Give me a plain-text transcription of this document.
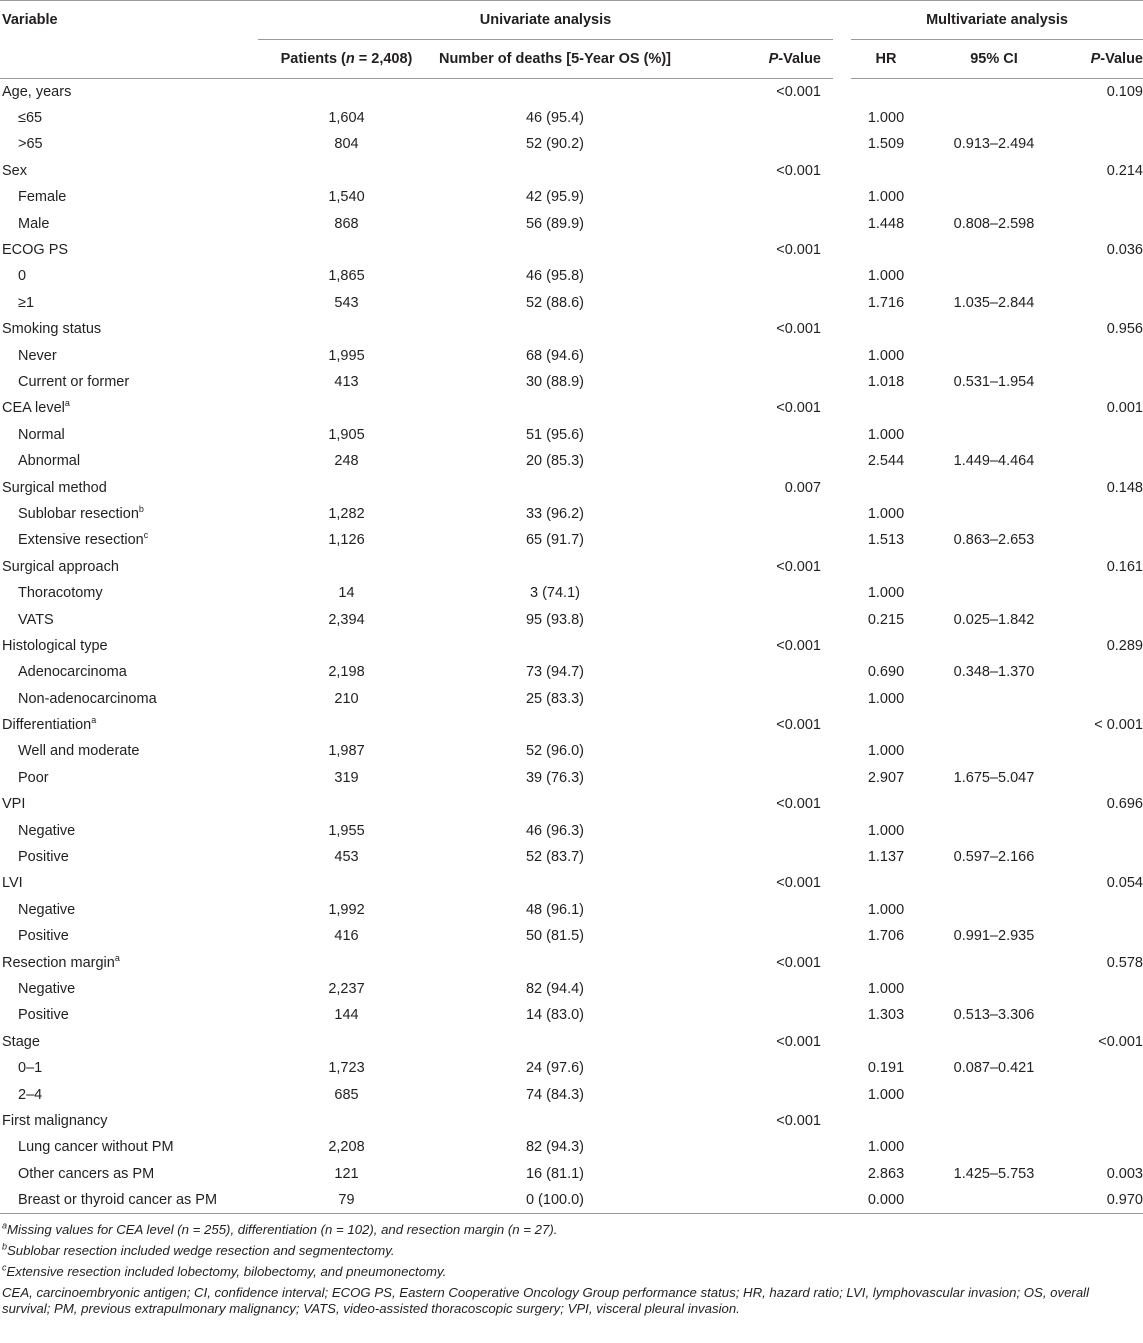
Variable	Univariate analysis				Multivariate analysis		
	Patients (n = 2,408)	Number of deaths [5-Year OS (%)]	P-Value		HR	95% CI	P-Value
Age, years			<0.001				0.109
≤65	1,604	46 (95.4)			1.000		
>65	804	52 (90.2)			1.509	0.913–2.494	
Sex			<0.001				0.214
Female	1,540	42 (95.9)			1.000		
Male	868	56 (89.9)			1.448	0.808–2.598	
ECOG PS			<0.001				0.036
0	1,865	46 (95.8)			1.000		
≥1	543	52 (88.6)			1.716	1.035–2.844	
Smoking status			<0.001				0.956
Never	1,995	68 (94.6)			1.000		
Current or former	413	30 (88.9)			1.018	0.531–1.954	
CEA level$^a$			<0.001				0.001
Normal	1,905	51 (95.6)			1.000		
Abnormal	248	20 (85.3)			2.544	1.449–4.464	
Surgical method			0.007				0.148
Sublobar resection$^b$	1,282	33 (96.2)			1.000		
Extensive resection$^c$	1,126	65 (91.7)			1.513	0.863–2.653	
Surgical approach			<0.001				0.161
Thoracotomy	14	3 (74.1)			1.000		
VATS	2,394	95 (93.8)			0.215	0.025–1.842	
Histological type			<0.001				0.289
Adenocarcinoma	2,198	73 (94.7)			0.690	0.348–1.370	
Non-adenocarcinoma	210	25 (83.3)			1.000		
Differentiation$^a$			<0.001				< 0.001
Well and moderate	1,987	52 (96.0)			1.000		
Poor	319	39 (76.3)			2.907	1.675–5.047	
VPI			<0.001				0.696
Negative	1,955	46 (96.3)			1.000		
Positive	453	52 (83.7)			1.137	0.597–2.166	
LVI			<0.001				0.054
Negative	1,992	48 (96.1)			1.000		
Positive	416	50 (81.5)			1.706	0.991–2.935	
Resection margin$^a$			<0.001				0.578
Negative	2,237	82 (94.4)			1.000		
Positive	144	14 (83.0)			1.303	0.513–3.306	
Stage			<0.001				<0.001
0–1	1,723	24 (97.6)			0.191	0.087–0.421	
2–4	685	74 (84.3)			1.000		
First malignancy			<0.001				
Lung cancer without PM	2,208	82 (94.3)			1.000		
Other cancers as PM	121	16 (81.1)			2.863	1.425–5.753	0.003
Breast or thyroid cancer as PM	79	0 (100.0)			0.000		0.970

$^a$Missing values for CEA level (n = 255), differentiation (n = 102), and resection margin (n = 27).

$^b$Sublobar resection included wedge resection and segmentectomy.

$^c$Extensive resection included lobectomy, bilobectomy, and pneumonectomy.

CEA, carcinoembryonic antigen; CI, confidence interval; ECOG PS, Eastern Cooperative Oncology Group performance status; HR, hazard ratio; LVI, lymphovascular invasion; OS, overall survival; PM, previous extrapulmonary malignancy; VATS, video-assisted thoracoscopic surgery; VPI, visceral pleural invasion.
